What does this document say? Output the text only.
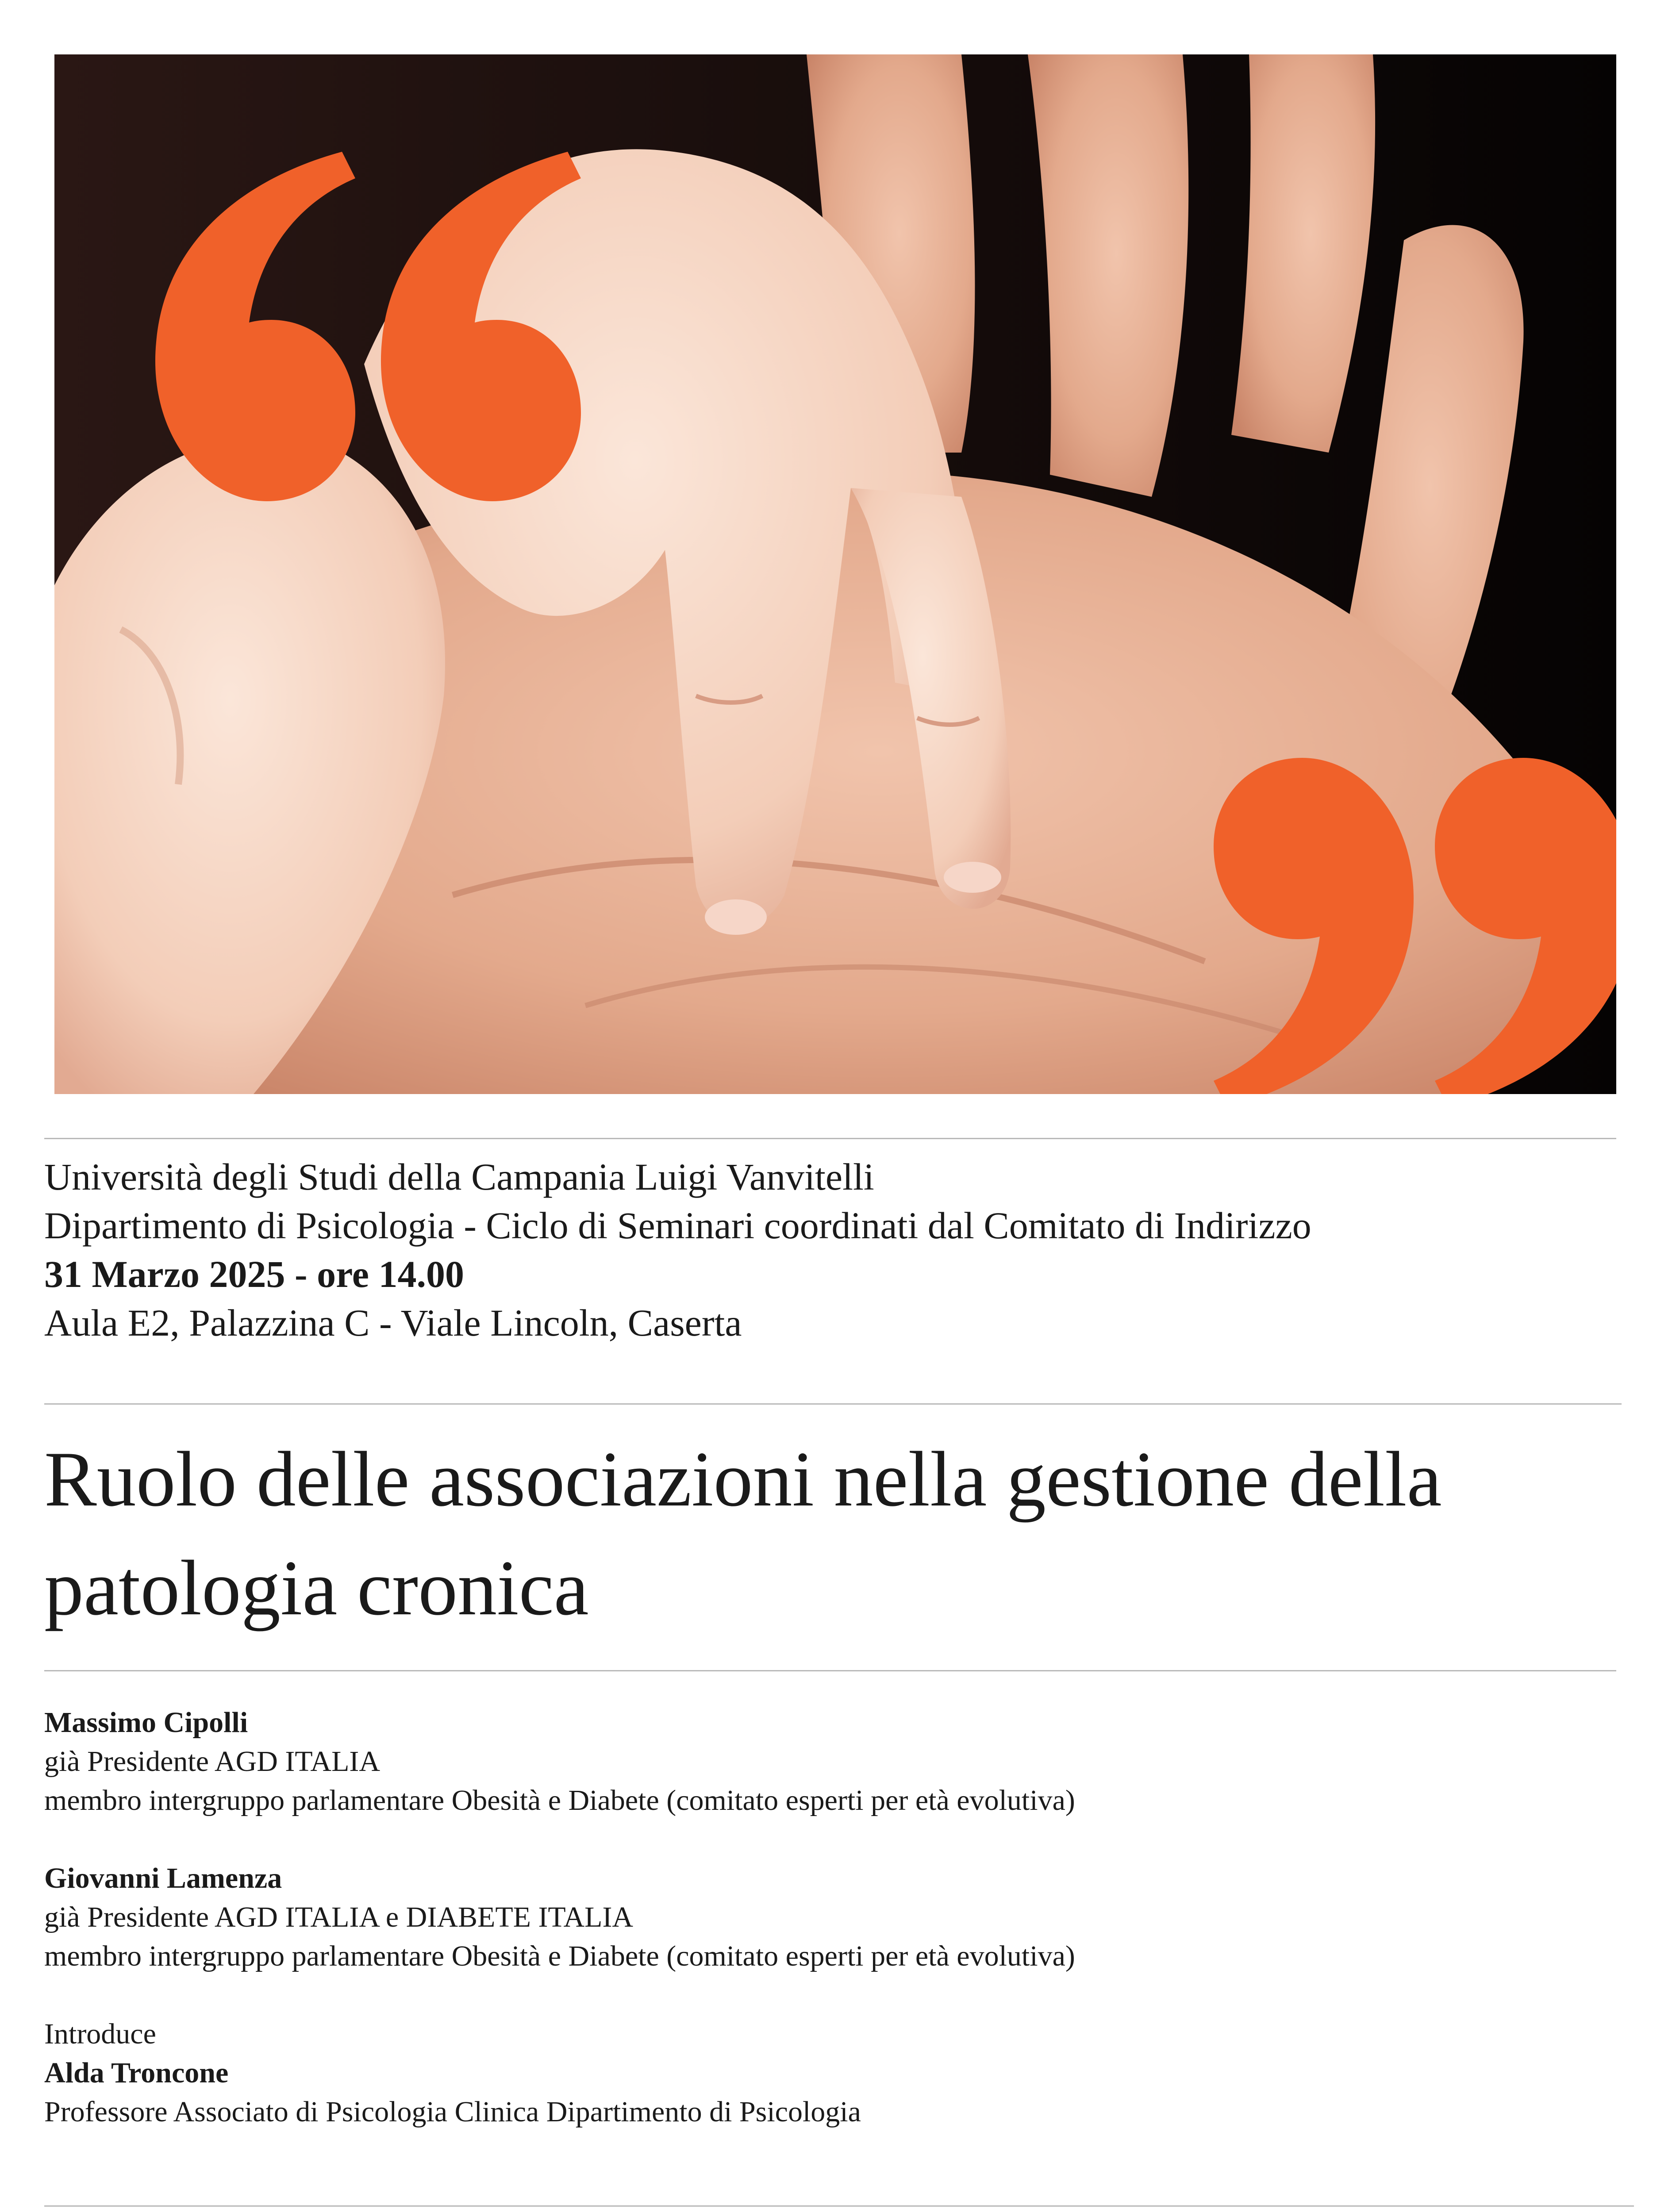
Università degli Studi della Campania Luigi Vanvitelli
Dipartimento di Psicologia - Ciclo di Seminari coordinati dal Comitato di Indirizzo
31 Marzo 2025 - ore 14.00
Aula E2, Palazzina C - Viale Lincoln, Caserta
Ruolo delle associazioni nella gestione della
patologia cronica
Massimo Cipolli
già Presidente AGD ITALIA
membro intergruppo parlamentare Obesità e Diabete (comitato esperti per età evolutiva)
Giovanni Lamenza
già Presidente AGD ITALIA e DIABETE ITALIA
membro intergruppo parlamentare Obesità e Diabete (comitato esperti per età evolutiva)
Introduce
Alda Troncone
Professore Associato di Psicologia Clinica Dipartimento di Psicologia
